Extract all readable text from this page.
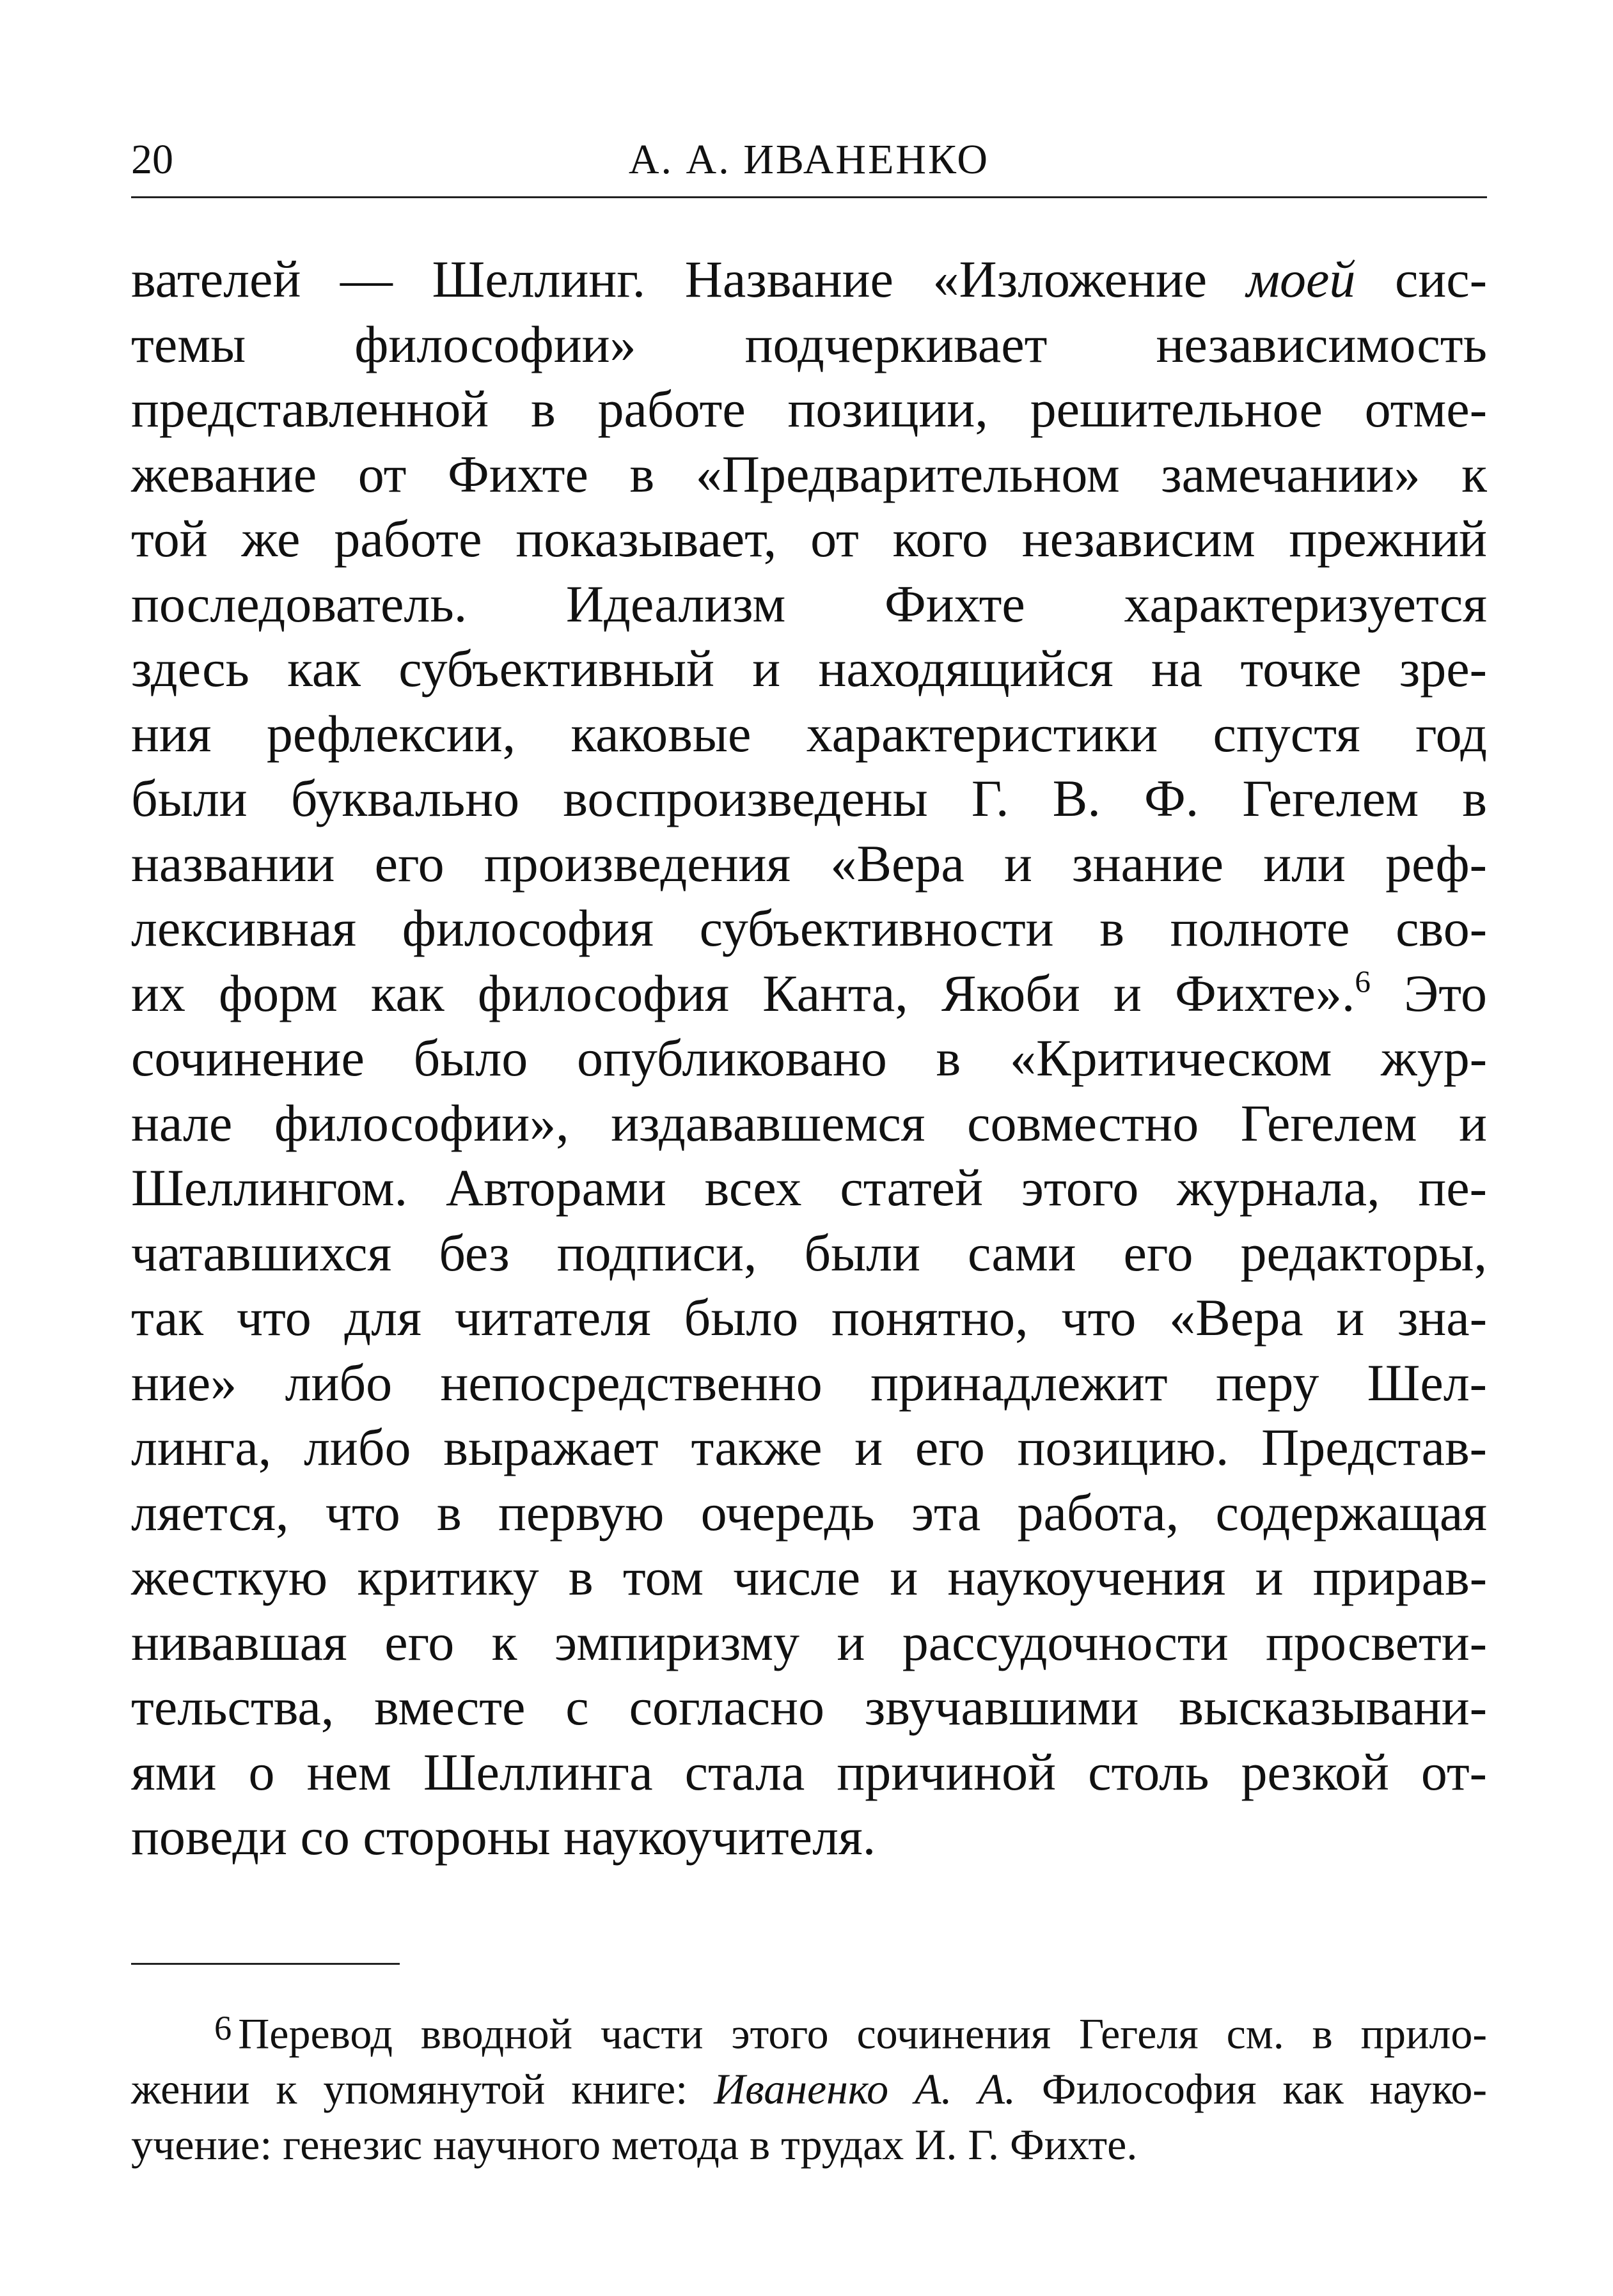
20	А. А. ИВАНЕНКО
вателей — Шеллинг. Название «Изложение моей сис-
темы философии» подчеркивает независимость
представленной в работе позиции, решительное отме-
жевание от Фихте в «Предварительном замечании» к
той же работе показывает, от кого независим прежний
последователь. Идеализм Фихте характеризуется
здесь как субъективный и находящийся на точке зре-
ния рефлексии, каковые характеристики спустя год
были буквально воспроизведены Г. В. Ф. Гегелем в
названии его произведения «Вера и знание или реф-
лексивная философия субъективности в полноте сво-
их форм как философия Канта, Якоби и Фихте».$^6$ Это
сочинение было опубликовано в «Критическом жур-
нале философии», издававшемся совместно Гегелем и
Шеллингом. Авторами всех статей этого журнала, пе-
чатавшихся без подписи, были сами его редакторы,
так что для читателя было понятно, что «Вера и зна-
ние» либо непосредственно принадлежит перу Шел-
линга, либо выражает также и его позицию. Представ-
ляется, что в первую очередь эта работа, содержащая
жесткую критику в том числе и наукоучения и прирав-
нивавшая его к эмпиризму и рассудочности просвети-
тельства, вместе с согласно звучавшими высказывани-
ями о нем Шеллинга стала причиной столь резкой от-
поведи со стороны наукоучителя.
6 Перевод вводной части этого сочинения Гегеля см. в прило-
жении к упомянутой книге: Иваненко А. А. Философия как науко-
учение: генезис научного метода в трудах И. Г. Фихте.
